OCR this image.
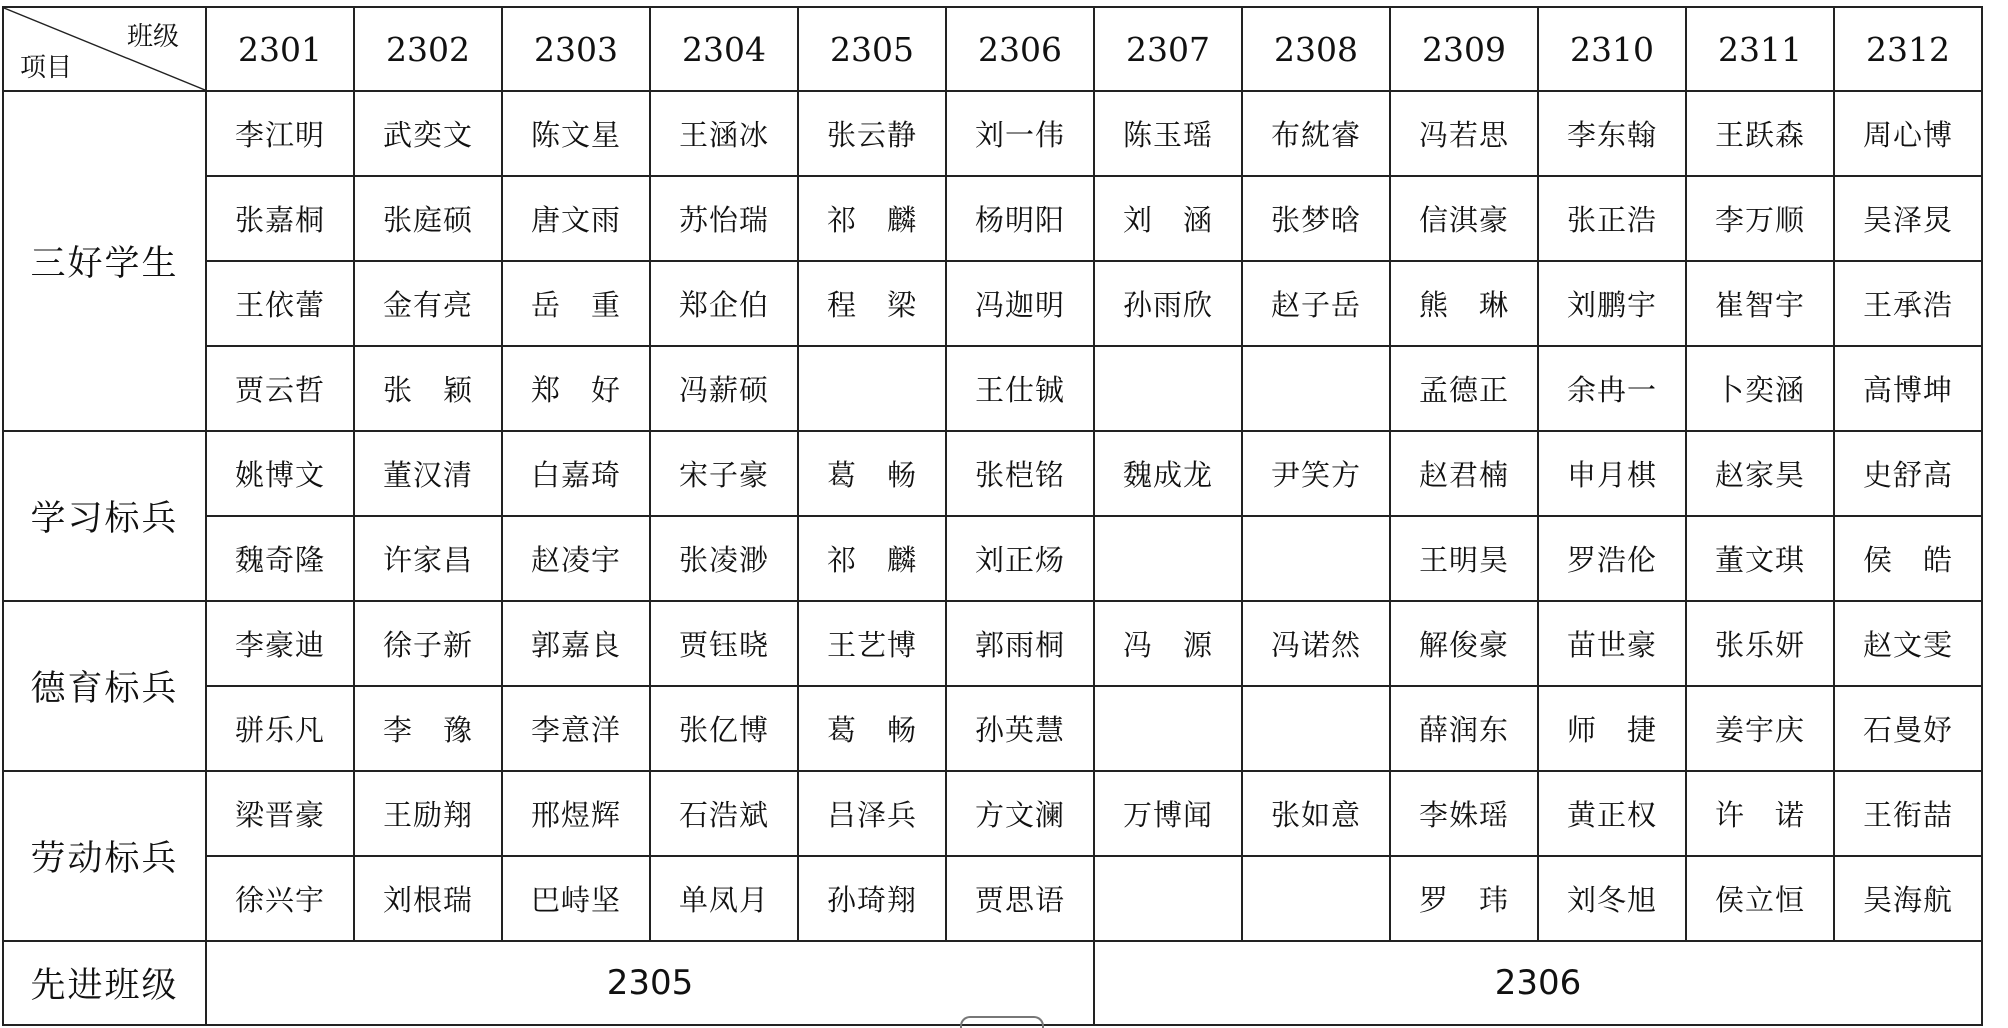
班级
项目	2301	2302	2303	2304	2305	2306	2307	2308	2309	2310	2311	2312
三好学生	李江明	武奕文	陈文星	王涵冰	张云静	刘一伟	陈玉瑶	布紞睿	冯若思	李东翰	王跃森	周心博
	张嘉桐	张庭硕	唐文雨	苏怡瑞	祁　麟	杨明阳	刘　涵	张梦晗	信淇豪	张正浩	李万顺	吴泽炅
	王依蕾	金有亮	岳　重	郑企伯	程　梁	冯迦明	孙雨欣	赵子岳	熊　琳	刘鹏宇	崔智宇	王承浩
	贾云哲	张　颖	郑　好	冯薪硕		王仕铖			孟德正	余冉一	卜奕涵	高博坤
学习标兵	姚博文	董汉清	白嘉琦	宋子豪	葛　畅	张桤铭	魏成龙	尹笑方	赵君楠	申月棋	赵家昊	史舒高
	魏奇隆	许家昌	赵凌宇	张凌渺	祁　麟	刘正炀			王明昊	罗浩伦	董文琪	侯　皓
德育标兵	李豪迪	徐子新	郭嘉良	贾钰晓	王艺博	郭雨桐	冯　源	冯诺然	解俊豪	苗世豪	张乐妍	赵文雯
	骈乐凡	李　豫	李意洋	张亿博	葛　畅	孙英慧			薛润东	师　捷	姜宇庆	石曼妤
劳动标兵	梁晋豪	王励翔	邢煜辉	石浩斌	吕泽兵	方文澜	万博闻	张如意	李姝瑶	黄正权	许　诺	王衔喆
	徐兴宇	刘根瑞	巴峙坚	单凤月	孙琦翔	贾思语			罗　玮	刘冬旭	侯立恒	吴海航
先进班级	2305						2306					
